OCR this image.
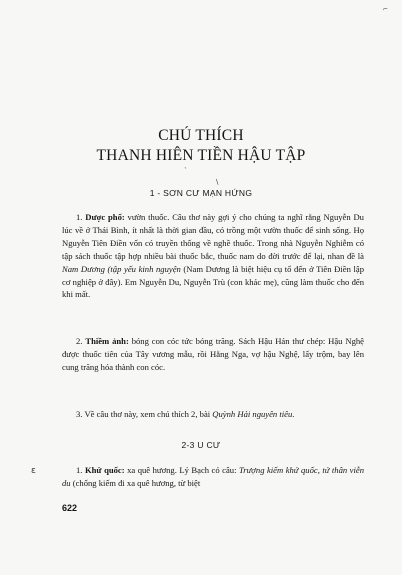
⌐
CHÚ THÍCH
THANH HIÊN TIỀN HẬU TẬP
`
\
1 - SƠN CƯ MẠN HỨNG

1. Dược phố: vườn thuốc. Câu thơ này gợi ý cho chúng ta nghĩ rằng Nguyễn Du lúc về ở Thái Bình, ít nhất là thời gian đầu, có trồng một vườn thuốc để sinh sống. Họ Nguyễn Tiên Điền vốn có truyền thống về nghề thuốc. Trong nhà Nguyễn Nghiễm có tập sách thuốc tập hợp nhiều bài thuốc bắc, thuốc nam do đời trước để lại, nhan đề là Nam Dương (tập yếu kinh nguyện (Nam Dương là biệt hiệu cụ tổ đến ở Tiên Điền lập cơ nghiệp ở đây). Em Nguyễn Du, Nguyễn Trù (con khác mẹ), cũng làm thuốc cho đến khi mất.

2. Thiềm ảnh: bóng con cóc tức bóng trăng. Sách Hậu Hán thư chép: Hậu Nghệ được thuốc tiên của Tây vương mẫu, rồi Hằng Nga, vợ hậu Nghệ, lấy trộm, bay lên cung trăng hóa thành con cóc.

3. Về câu thơ này, xem chú thích 2, bài Quỳnh Hải nguyên tiêu.

2-3 U CƯ
ε	1. Khứ quốc: xa quê hương. Lý Bạch có câu: Trượng kiếm khứ quốc, tứ thân viễn du (chống kiếm đi xa quê hương, từ biệt

622
